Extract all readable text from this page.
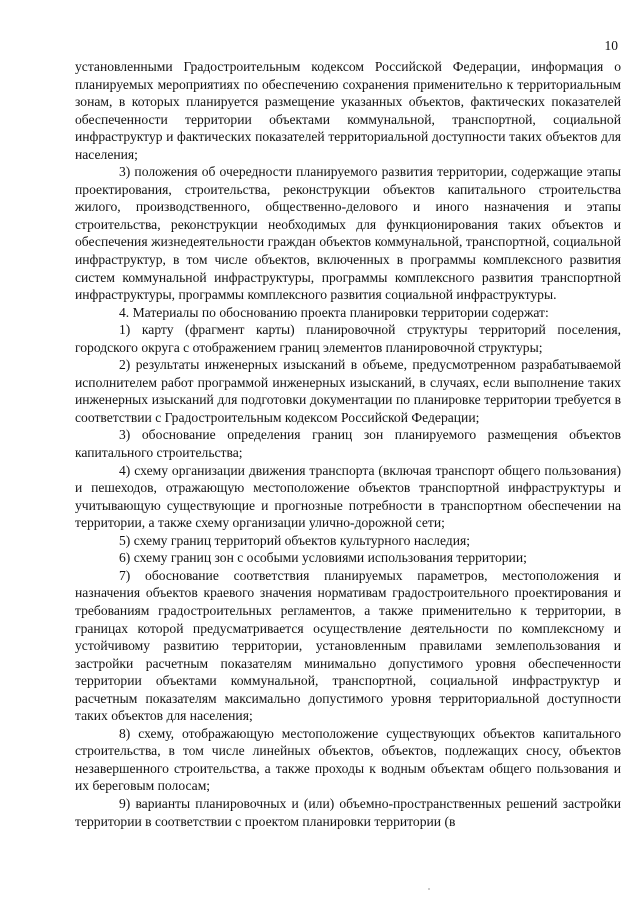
10

установленными Градостроительным кодексом Российской Федерации, информация о планируемых мероприятиях по обеспечению сохранения применительно к территориальным зонам, в которых планируется размещение указанных объектов, фактических показателей обеспеченности территории объектами коммунальной, транспортной, социальной инфраструктур и фактических показателей территориальной доступности таких объектов для населения;

3) положения об очередности планируемого развития территории, содержащие этапы проектирования, строительства, реконструкции объектов капитального строительства жилого, производственного, общественно-делового и иного назначения и этапы строительства, реконструкции необходимых для функционирования таких объектов и обеспечения жизнедеятельности граждан объектов коммунальной, транспортной, социальной инфраструктур, в том числе объектов, включенных в программы комплексного развития систем коммунальной инфраструктуры, программы комплексного развития транспортной инфраструктуры, программы комплексного развития социальной инфраструктуры.

4. Материалы по обоснованию проекта планировки территории содержат:

1) карту (фрагмент карты) планировочной структуры территорий поселения, городского округа с отображением границ элементов планировочной структуры;

2) результаты инженерных изысканий в объеме, предусмотренном разрабатываемой исполнителем работ программой инженерных изысканий, в случаях, если выполнение таких инженерных изысканий для подготовки документации по планировке территории требуется в соответствии с Градостроительным кодексом Российской Федерации;

3) обоснование определения границ зон планируемого размещения объектов капитального строительства;

4) схему организации движения транспорта (включая транспорт общего пользования) и пешеходов, отражающую местоположение объектов транспортной инфраструктуры и учитывающую существующие и прогнозные потребности в транспортном обеспечении на территории, а также схему организации улично-дорожной сети;

5) схему границ территорий объектов культурного наследия;

6) схему границ зон с особыми условиями использования территории;

7) обоснование соответствия планируемых параметров, местоположения и назначения объектов краевого значения нормативам градостроительного проектирования и требованиям градостроительных регламентов, а также применительно к территории, в границах которой предусматривается осуществление деятельности по комплексному и устойчивому развитию территории, установленным правилами землепользования и застройки расчетным показателям минимально допустимого уровня обеспеченности территории объектами коммунальной, транспортной, социальной инфраструктур и расчетным показателям максимально допустимого уровня территориальной доступности таких объектов для населения;

8) схему, отображающую местоположение существующих объектов капитального строительства, в том числе линейных объектов, объектов, подлежащих сносу, объектов незавершенного строительства, а также проходы к водным объектам общего пользования и их береговым полосам;

9) варианты планировочных и (или) объемно-пространственных решений застройки территории в соответствии с проектом планировки территории (в
